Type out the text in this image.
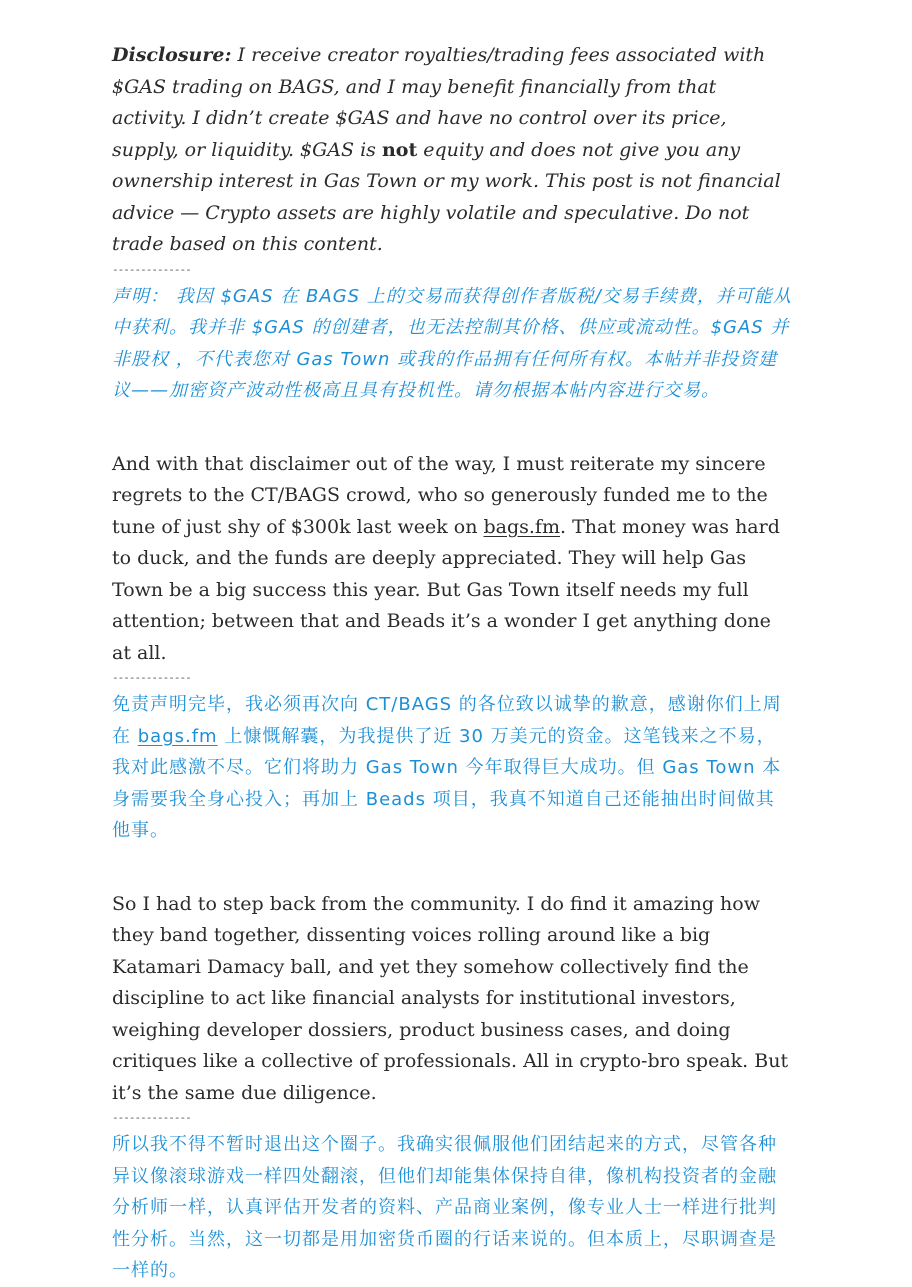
Disclosure: I receive creator royalties/trading fees associated with $GAS trading on BAGS, and I may benefit financially from that activity. I didn’t create $GAS and have no control over its price, supply, or liquidity. $GAS is not equity and does not give you any ownership interest in Gas Town or my work. This post is not financial advice — Crypto assets are highly volatile and speculative. Do not trade based on this content.

--------------

声明： 我因 $GAS 在 BAGS 上的交易而获得创作者版税/交易手续费，并可能从中获利。我并非 $GAS 的创建者，也无法控制其价格、供应或流动性。$GAS 并非股权 ，不代表您对 Gas Town 或我的作品拥有任何所有权。本帖并非投资建议——加密资产波动性极高且具有投机性。请勿根据本帖内容进行交易。

And with that disclaimer out of the way, I must reiterate my sincere regrets to the CT/BAGS crowd, who so generously funded me to the tune of just shy of $300k last week on bags.fm. That money was hard to duck, and the funds are deeply appreciated. They will help Gas Town be a big success this year. But Gas Town itself needs my full attention; between that and Beads it’s a wonder I get anything done at all.

--------------

免责声明完毕，我必须再次向 CT/BAGS 的各位致以诚挚的歉意，感谢你们上周在 bags.fm 上慷慨解囊，为我提供了近 30 万美元的资金。这笔钱来之不易，我对此感激不尽。它们将助力 Gas Town 今年取得巨大成功。但 Gas Town 本身需要我全身心投入；再加上 Beads 项目，我真不知道自己还能抽出时间做其他事。

So I had to step back from the community. I do find it amazing how they band together, dissenting voices rolling around like a big Katamari Damacy ball, and yet they somehow collectively find the discipline to act like financial analysts for institutional investors, weighing developer dossiers, product business cases, and doing critiques like a collective of professionals. All in crypto-bro speak. But it’s the same due diligence.

--------------

所以我不得不暂时退出这个圈子。我确实很佩服他们团结起来的方式，尽管各种异议像滚球游戏一样四处翻滚，但他们却能集体保持自律，像机构投资者的金融分析师一样，认真评估开发者的资料、产品商业案例，像专业人士一样进行批判性分析。当然，这一切都是用加密货币圈的行话来说的。但本质上，尽职调查是一样的。
